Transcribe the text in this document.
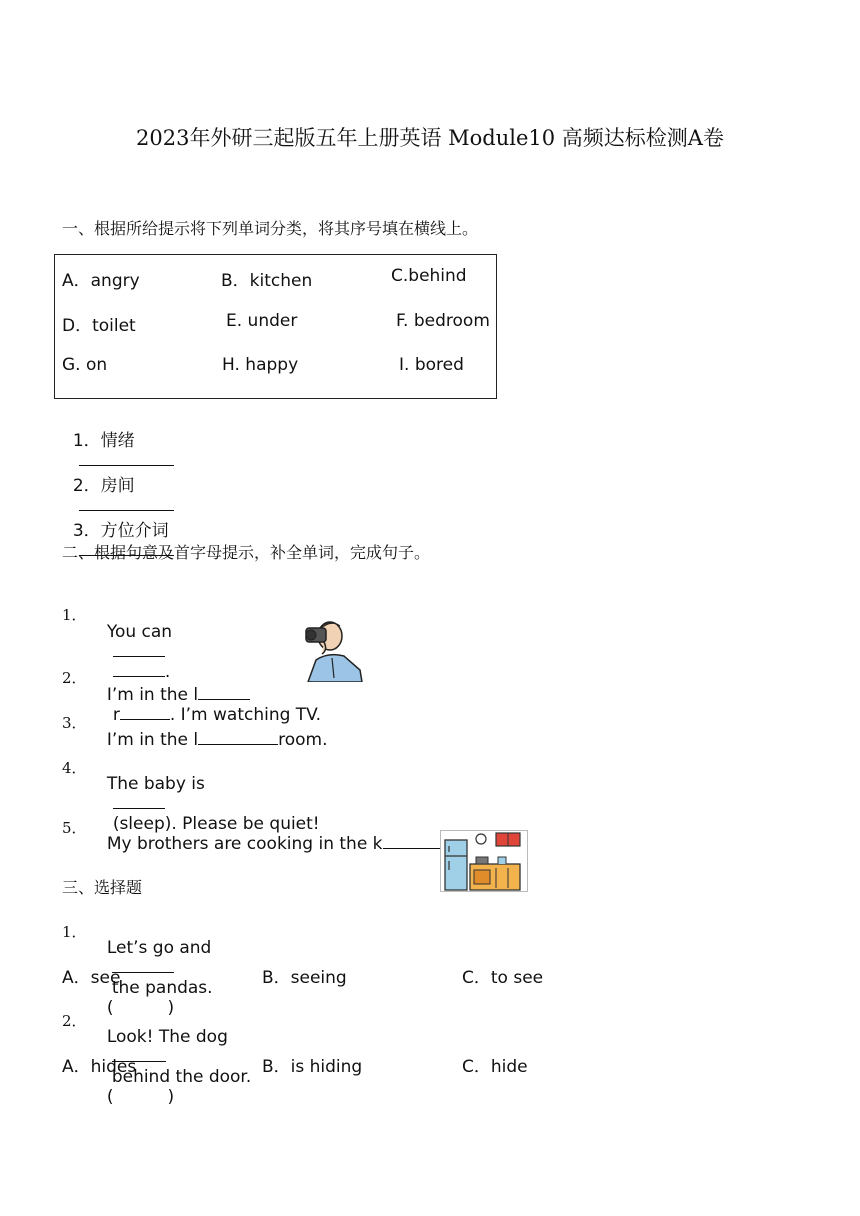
2023年外研三起版五年上册英语 Module10 高频达标检测A卷
一、根据所给提示将下列单词分类，将其序号填在横线上。
A．angry	B．kitchen	C.behind
D．toilet	E. under	F. bedroom
G. on	H. happy	I. bored

1．情绪

2．房间

3．方位介词

二、根据句意及首字母提示，补全单词，完成句子。
1．

You can

.

2．

I’m in the l
r	. I’m watching TV.

3．

I’m in the l	room.

4．

The baby is

(sleep). Please be quiet!

5．

My brothers are cooking in the k

三、选择题
1．

Let’s go and

the pandas.
(          )

A．see	B．seeing	C．to see
2．

Look! The dog

behind the door.
(          )

A．hides	B．is hiding	C．hide
